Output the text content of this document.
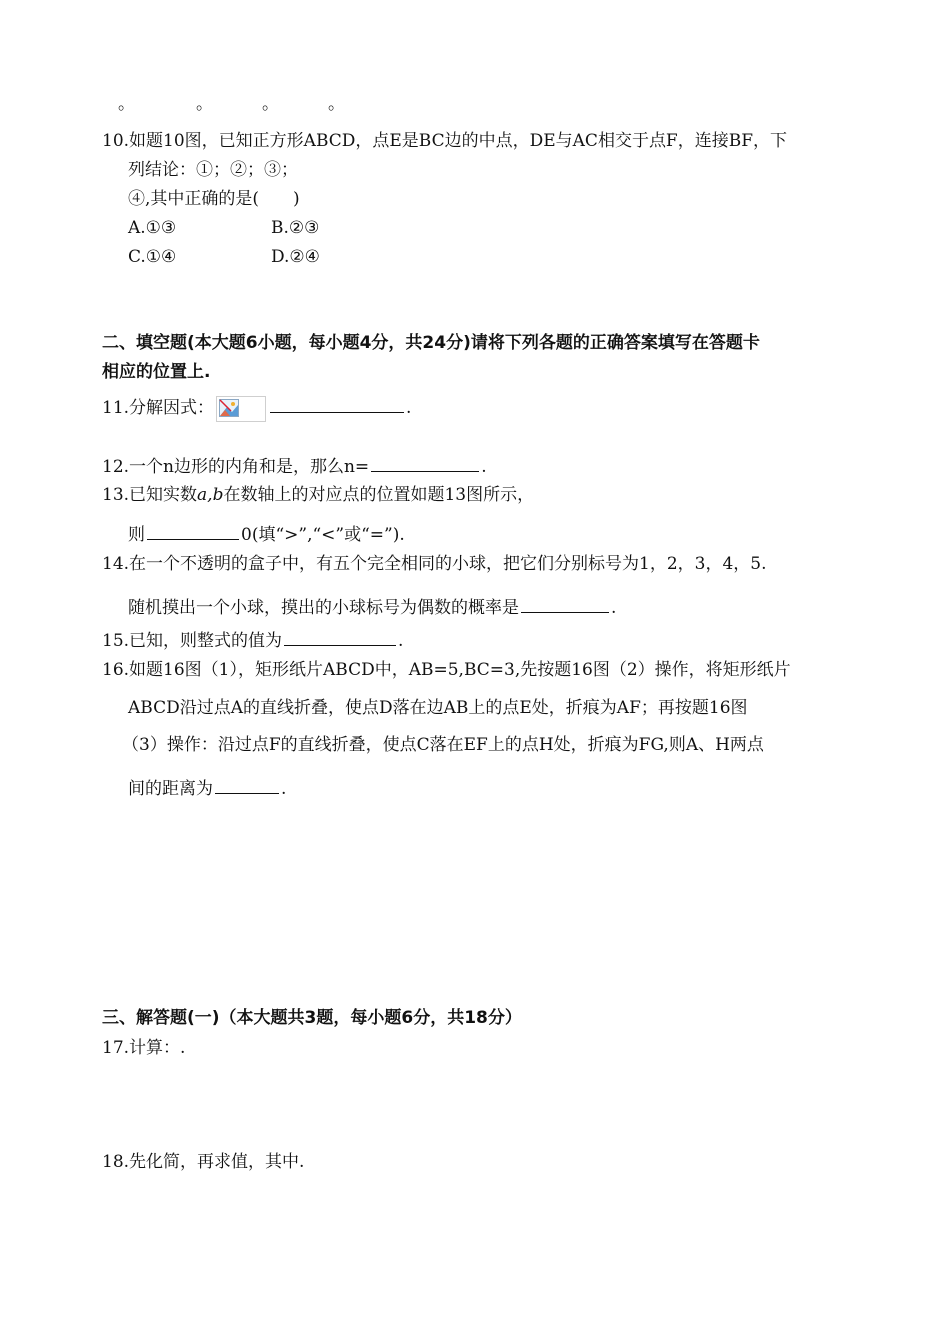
。	。	。	。
10.如题10图，已知正方形ABCD，点E是BC边的中点，DE与AC相交于点F，连接BF，下
列结论：①；②；③；
④,其中正确的是(　　)
A.①③	B.②③
C.①④	D.②④
二、填空题(本大题6小题，每小题4分，共24分)请将下列各题的正确答案填写在答题卡
相应的位置上.
11.分解因式：	.
12.一个n边形的内角和是，那么n=	.
13.已知实数a,b在数轴上的对应点的位置如题13图所示，
则	0(填“>”,“<”或“=”).
14.在一个不透明的盒子中，有五个完全相同的小球，把它们分别标号为1，2，3，4，5.
随机摸出一个小球，摸出的小球标号为偶数的概率是	.
15.已知，则整式的值为	.
16.如题16图（1），矩形纸片ABCD中，AB=5,BC=3,先按题16图（2）操作，将矩形纸片
ABCD沿过点A的直线折叠，使点D落在边AB上的点E处，折痕为AF；再按题16图
（3）操作：沿过点F的直线折叠，使点C落在EF上的点H处，折痕为FG,则A、H两点
间的距离为	.
三、解答题(一)（本大题共3题，每小题6分，共18分）
17.计算：.
18.先化简，再求值，其中.
